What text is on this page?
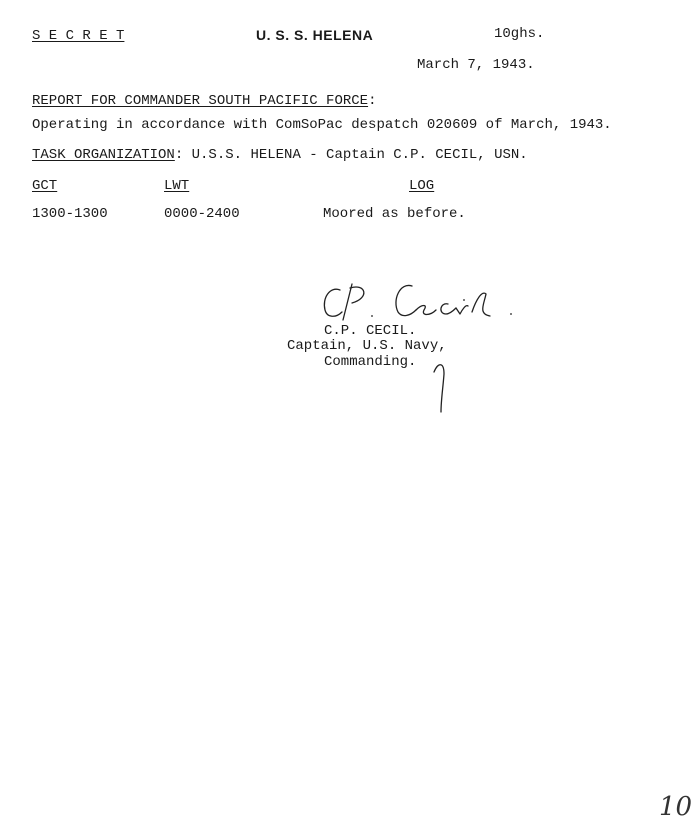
S E C R E T	U. S. S. HELENA	10ghs.
March 7, 1943.
REPORT FOR COMMANDER SOUTH PACIFIC FORCE:
Operating in accordance with ComSoPac despatch 020609 of March, 1943.
TASK ORGANIZATION: U.S.S. HELENA - Captain C.P. CECIL, USN.
GCT	LWT	LOG
1300-1300	0000-2400	Moored as before.
C.P. CECIL.
Captain, U.S. Navy,
Commanding.
10
